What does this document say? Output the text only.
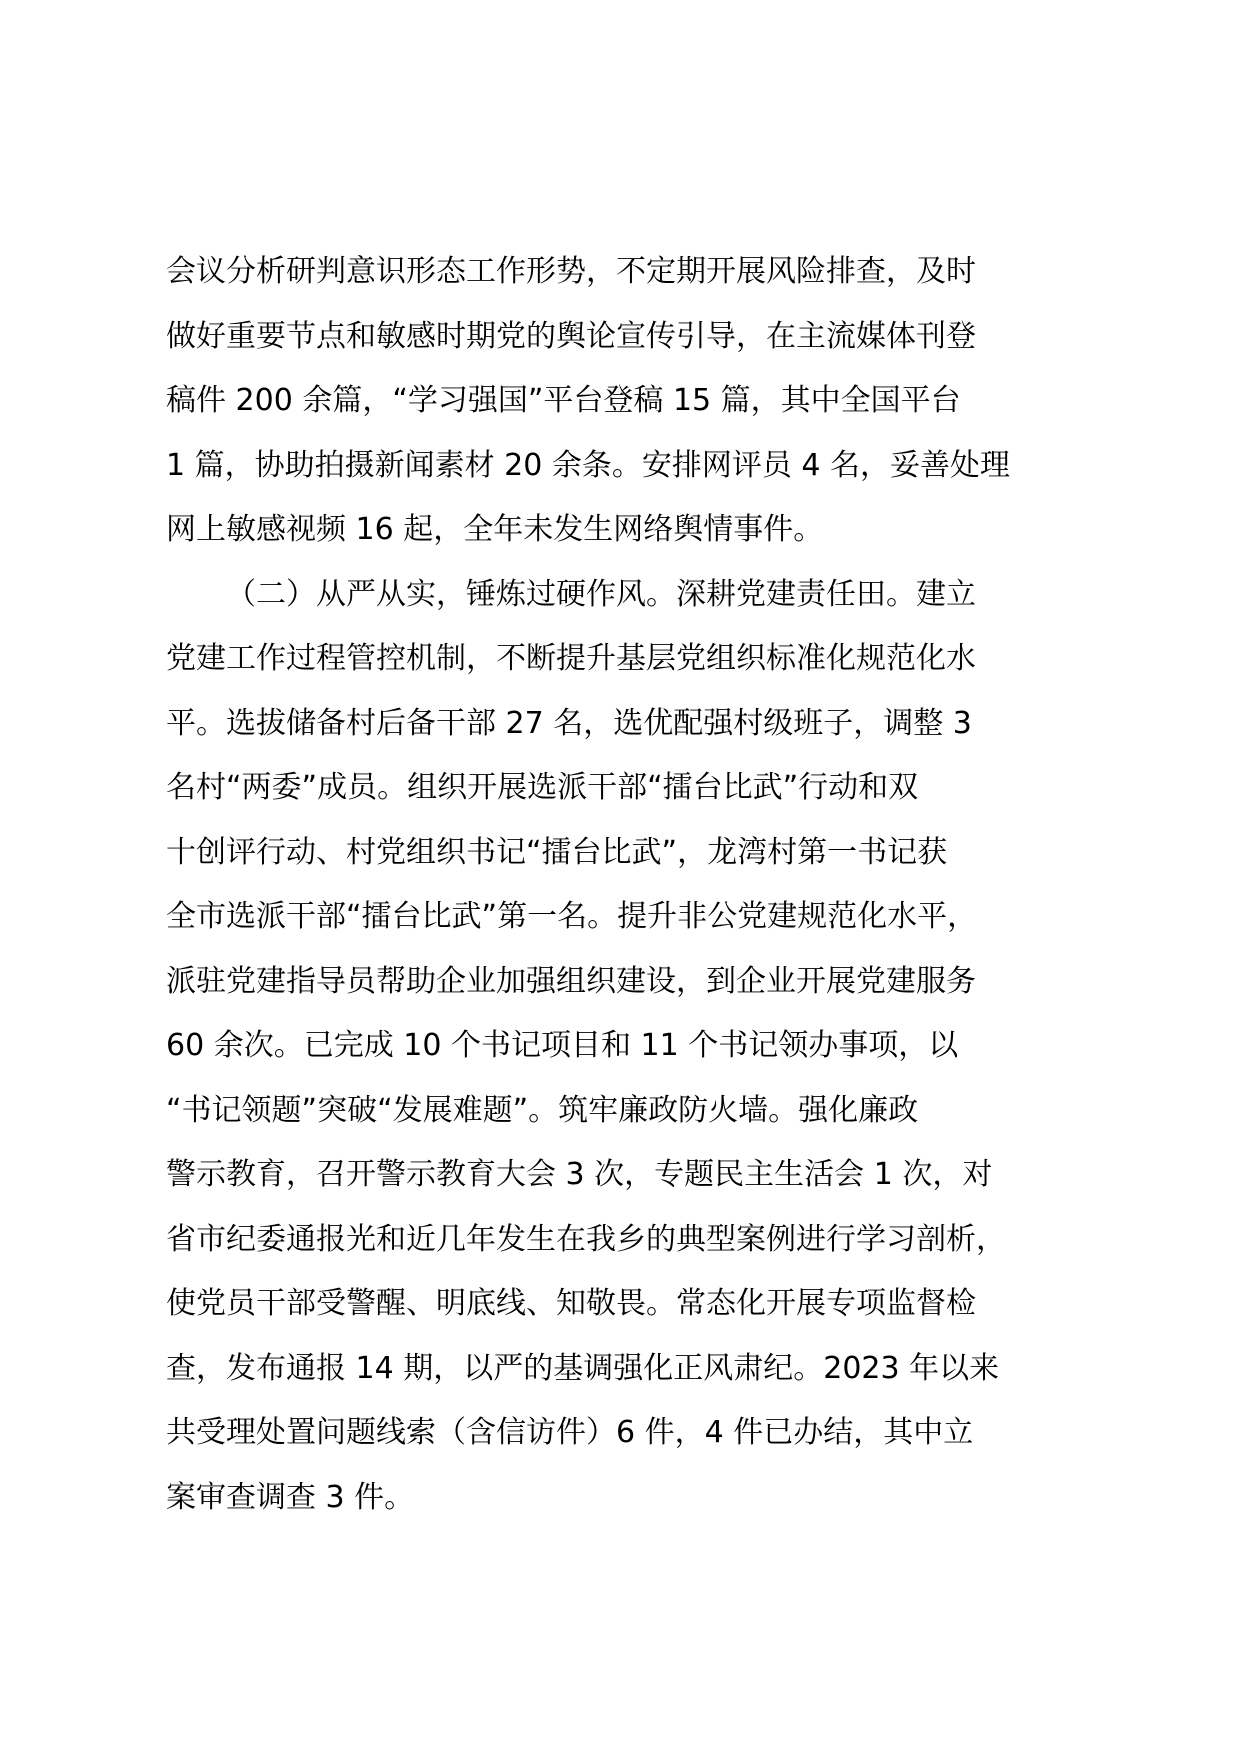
会议分析研判意识形态工作形势，不定期开展风险排查，及时
做好重要节点和敏感时期党的舆论宣传引导，在主流媒体刊登
稿件 200 余篇，“学习强国”平台登稿 15 篇，其中全国平台
1 篇，协助拍摄新闻素材 20 余条。安排网评员 4 名，妥善处理
网上敏感视频 16 起，全年未发生网络舆情事件。
（二）从严从实，锤炼过硬作风。深耕党建责任田。建立
党建工作过程管控机制，不断提升基层党组织标准化规范化水
平。选拔储备村后备干部 27 名，选优配强村级班子，调整 3
名村“两委”成员。组织开展选派干部“擂台比武”行动和双
十创评行动、村党组织书记“擂台比武”，龙湾村第一书记获
全市选派干部“擂台比武”第一名。提升非公党建规范化水平，
派驻党建指导员帮助企业加强组织建设，到企业开展党建服务
60 余次。已完成 10 个书记项目和 11 个书记领办事项，以
“书记领题”突破“发展难题”。筑牢廉政防火墙。强化廉政
警示教育，召开警示教育大会 3 次，专题民主生活会 1 次，对
省市纪委通报光和近几年发生在我乡的典型案例进行学习剖析，
使党员干部受警醒、明底线、知敬畏。常态化开展专项监督检
查，发布通报 14 期，以严的基调强化正风肃纪。2023 年以来
共受理处置问题线索（含信访件）6 件，4 件已办结，其中立
案审查调查 3 件。
